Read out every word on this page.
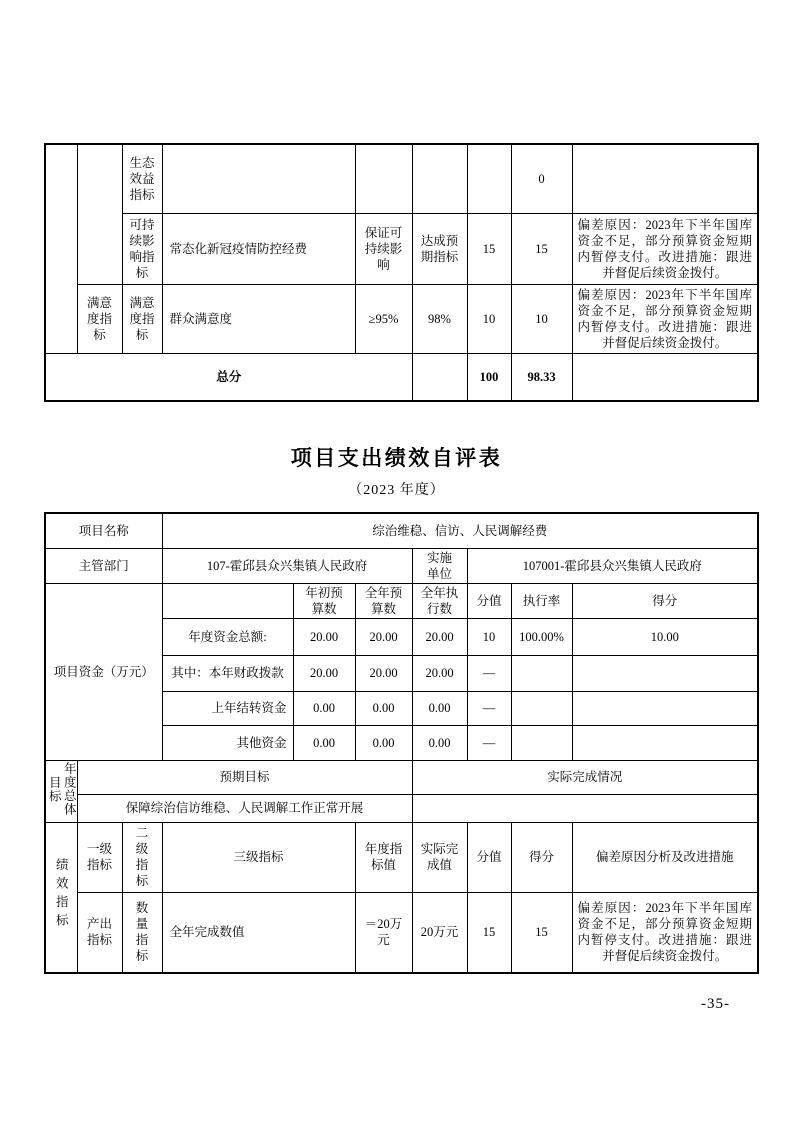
		生态效益指标					0	
		可持续影响指标	常态化新冠疫情防控经费	保证可持续影响	达成预期指标	15	15	偏差原因：2023年下半年国库资金不足，部分预算资金短期内暂停支付。改进措施：跟进并督促后续资金拨付。
	满意度指标	满意度指标	群众满意度	≥95%	98%	10	10	偏差原因：2023年下半年国库资金不足，部分预算资金短期内暂停支付。改进措施：跟进并督促后续资金拨付。
总分						100	98.33	
项目支出绩效自评表
（2023 年度）
项目名称			综治维稳、信访、人民调解经费						
主管部门			107-霍邱县众兴集镇人民政府			实施单位	107001-霍邱县众兴集镇人民政府		
项目资金（万元）				年初预算数	全年预算数	全年执行数	分值	执行率	得分
			年度资金总额:	20.00	20.00	20.00	10	100.00%	10.00
			其中：本年财政拨款	20.00	20.00	20.00	—		
			上年结转资金	0.00	0.00	0.00	—		
			其他资金	0.00	0.00	0.00	—		
年度总体目标	预期目标					实际完成情况			
	保障综治信访维稳、人民调解工作正常开展								
绩效指标	一级指标	二级指标	三级指标		年度指标值	实际完成值	分值	得分	偏差原因分析及改进措施
	产出指标	数量指标	全年完成数值		＝20万元	20万元	15	15	偏差原因：2023年下半年国库资金不足，部分预算资金短期内暂停支付。改进措施：跟进并督促后续资金拨付。
-35-
